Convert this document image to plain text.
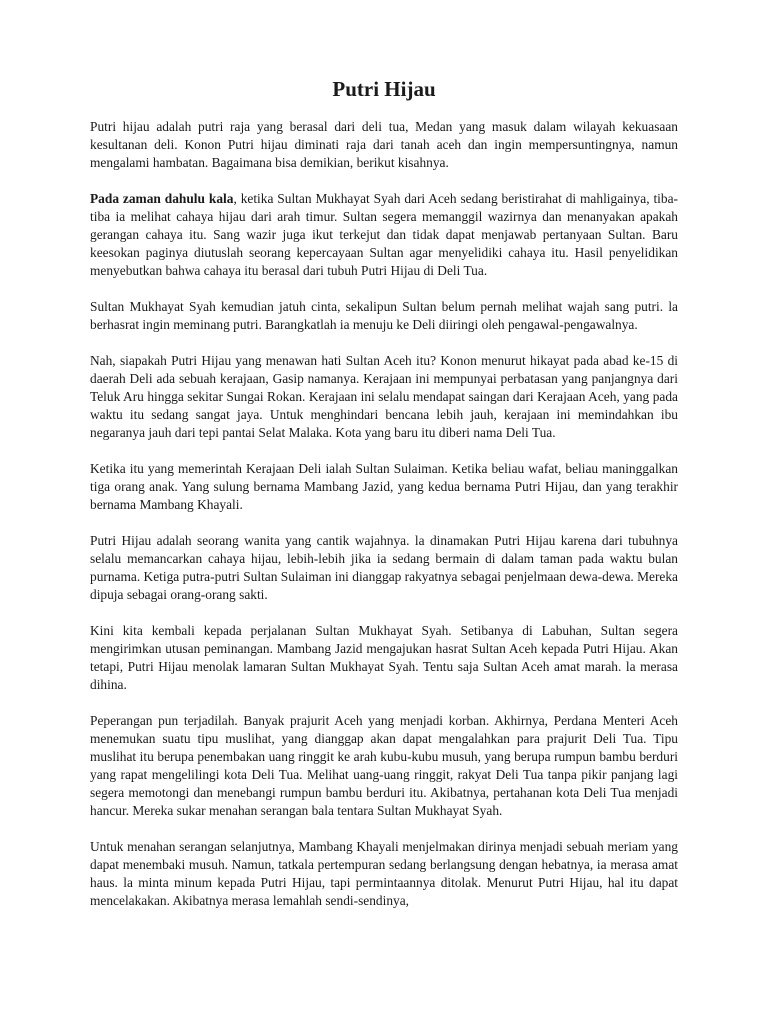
Putri Hijau

Putri hijau adalah putri raja yang berasal dari deli tua, Medan yang masuk dalam wilayah kekuasaan kesultanan deli. Konon Putri hijau diminati raja dari tanah aceh dan ingin mempersuntingnya, namun mengalami hambatan. Bagaimana bisa demikian, berikut kisahnya.

Pada zaman dahulu kala, ketika Sultan Mukhayat Syah dari Aceh sedang beristirahat di mahligainya, tiba-tiba ia melihat cahaya hijau dari arah timur. Sultan segera memanggil wazirnya dan menanyakan apakah gerangan cahaya itu. Sang wazir juga ikut terkejut dan tidak dapat menjawab pertanyaan Sultan. Baru keesokan paginya diutuslah seorang kepercayaan Sultan agar menyelidiki cahaya itu. Hasil penyelidikan menyebutkan bahwa cahaya itu berasal dari tubuh Putri Hijau di Deli Tua.

Sultan Mukhayat Syah kemudian jatuh cinta, sekalipun Sultan belum pernah melihat wajah sang putri. la berhasrat ingin meminang putri. Barangkatlah ia menuju ke Deli diiringi oleh pengawal-pengawalnya.

Nah, siapakah Putri Hijau yang menawan hati Sultan Aceh itu? Konon menurut hikayat pada abad ke-15 di daerah Deli ada sebuah kerajaan, Gasip namanya. Kerajaan ini mempunyai perbatasan yang panjangnya dari Teluk Aru hingga sekitar Sungai Rokan. Kerajaan ini selalu mendapat saingan dari Kerajaan Aceh, yang pada waktu itu sedang sangat jaya. Untuk menghindari bencana lebih jauh, kerajaan ini memindahkan ibu negaranya jauh dari tepi pantai Selat Malaka. Kota yang baru itu diberi nama Deli Tua.

Ketika itu yang memerintah Kerajaan Deli ialah Sultan Sulaiman. Ketika beliau wafat, beliau maninggalkan tiga orang anak. Yang sulung bernama Mambang Jazid, yang kedua bernama Putri Hijau, dan yang terakhir bernama Mambang Khayali.

Putri Hijau adalah seorang wanita yang cantik wajahnya. la dinamakan Putri Hijau karena dari tubuhnya selalu memancarkan cahaya hijau, lebih-lebih jika ia sedang bermain di dalam taman pada waktu bulan purnama. Ketiga putra-putri Sultan Sulaiman ini dianggap rakyatnya sebagai penjelmaan dewa-dewa. Mereka dipuja sebagai orang-orang sakti.

Kini kita kembali kepada perjalanan Sultan Mukhayat Syah. Setibanya di Labuhan, Sultan segera mengirimkan utusan peminangan. Mambang Jazid mengajukan hasrat Sultan Aceh kepada Putri Hijau. Akan tetapi, Putri Hijau menolak lamaran Sultan Mukhayat Syah. Tentu saja Sultan Aceh amat marah. la merasa dihina.

Peperangan pun terjadilah. Banyak prajurit Aceh yang menjadi korban. Akhirnya, Perdana Menteri Aceh menemukan suatu tipu muslihat, yang dianggap akan dapat mengalahkan para prajurit Deli Tua. Tipu muslihat itu berupa penembakan uang ringgit ke arah kubu-kubu musuh, yang berupa rumpun bambu berduri yang rapat mengelilingi kota Deli Tua. Melihat uang-uang ringgit, rakyat Deli Tua tanpa pikir panjang lagi segera memotongi dan menebangi rumpun bambu berduri itu. Akibatnya, pertahanan kota Deli Tua menjadi hancur. Mereka sukar menahan serangan bala tentara Sultan Mukhayat Syah.

Untuk menahan serangan selanjutnya, Mambang Khayali menjelmakan dirinya menjadi sebuah meriam yang dapat menembaki musuh. Namun, tatkala pertempuran sedang berlangsung dengan hebatnya, ia merasa amat haus. la minta minum kepada Putri Hijau, tapi permintaannya ditolak. Menurut Putri Hijau, hal itu dapat mencelakakan. Akibatnya merasa lemahlah sendi-sendinya,
